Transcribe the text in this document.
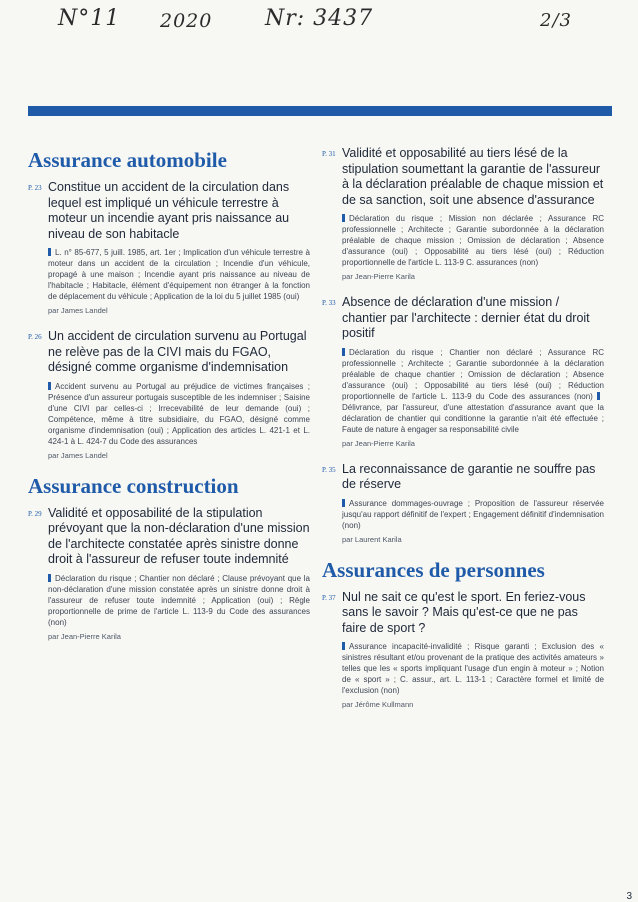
N°11 2020 Nr: 3437	2/3
Assurance automobile
P. 23 Constitue un accident de la circulation dans lequel est impliqué un véhicule terrestre à moteur un incendie ayant pris naissance au niveau de son habitacle
L. n° 85-677, 5 juill. 1985, art. 1er ; Implication d'un véhicule terrestre à moteur dans un accident de la circulation ; Incendie d'un véhicule, propagé à une maison ; Incendie ayant pris naissance au niveau de l'habitacle ; Habitacle, élément d'équipement non étranger à la fonction de déplacement du véhicule ; Application de la loi du 5 juillet 1985 (oui)
par James Landel
P. 26 Un accident de circulation survenu au Portugal ne relève pas de la CIVI mais du FGAO, désigné comme organisme d'indemnisation
Accident survenu au Portugal au préjudice de victimes françaises ; Présence d'un assureur portugais susceptible de les indemniser ; Saisine d'une CIVI par celles-ci ; Irrecevabilité de leur demande (oui) ; Compétence, même à titre subsidiaire, du FGAO, désigné comme organisme d'indemnisation (oui) ; Application des articles L. 421-1 et L. 424-1 à L. 424-7 du Code des assurances
par James Landel
Assurance construction
P. 29 Validité et opposabilité de la stipulation prévoyant que la non-déclaration d'une mission de l'architecte constatée après sinistre donne droit à l'assureur de refuser toute indemnité
Déclaration du risque ; Chantier non déclaré ; Clause prévoyant que la non-déclaration d'une mission constatée après un sinistre donne droit à l'assureur de refuser toute indemnité ; Application (oui) ; Règle proportionnelle de prime de l'article L. 113-9 du Code des assurances (non)
par Jean-Pierre Karila
P. 31 Validité et opposabilité au tiers lésé de la stipulation soumettant la garantie de l'assureur à la déclaration préalable de chaque mission et de sa sanction, soit une absence d'assurance
Déclaration du risque ; Mission non déclarée ; Assurance RC professionnelle ; Architecte ; Garantie subordonnée à la déclaration préalable de chaque mission ; Omission de déclaration ; Absence d'assurance (oui) ; Opposabilité au tiers lésé (oui) ; Réduction proportionnelle de l'article L. 113-9 C. assurances (non)
par Jean-Pierre Karila
P. 33 Absence de déclaration d'une mission / chantier par l'architecte : dernier état du droit positif
Déclaration du risque ; Chantier non déclaré ; Assurance RC professionnelle ; Architecte ; Garantie subordonnée à la déclaration préalable de chaque chantier ; Omission de déclaration ; Absence d'assurance (oui) ; Opposabilité au tiers lésé (oui) ; Réduction proportionnelle de l'article L. 113-9 du Code des assurances (non) Délivrance, par l'assureur, d'une attestation d'assurance avant que la déclaration de chantier qui conditionne la garantie n'ait été effectuée ; Faute de nature à engager sa responsabilité civile
par Jean-Pierre Karila
P. 35 La reconnaissance de garantie ne souffre pas de réserve
Assurance dommages-ouvrage ; Proposition de l'assureur réservée jusqu'au rapport définitif de l'expert ; Engagement définitif d'indemnisation (non)
par Laurent Karila
Assurances de personnes
P. 37 Nul ne sait ce qu'est le sport. En feriez-vous sans le savoir ? Mais qu'est-ce que ne pas faire de sport ?
Assurance incapacité-invalidité ; Risque garanti ; Exclusion des « sinistres résultant et/ou provenant de la pratique des activités amateurs » telles que les « sports impliquant l'usage d'un engin à moteur » ; Notion de « sport » ; C. assur., art. L. 113-1 ; Caractère formel et limité de l'exclusion (non)
par Jérôme Kullmann
3
